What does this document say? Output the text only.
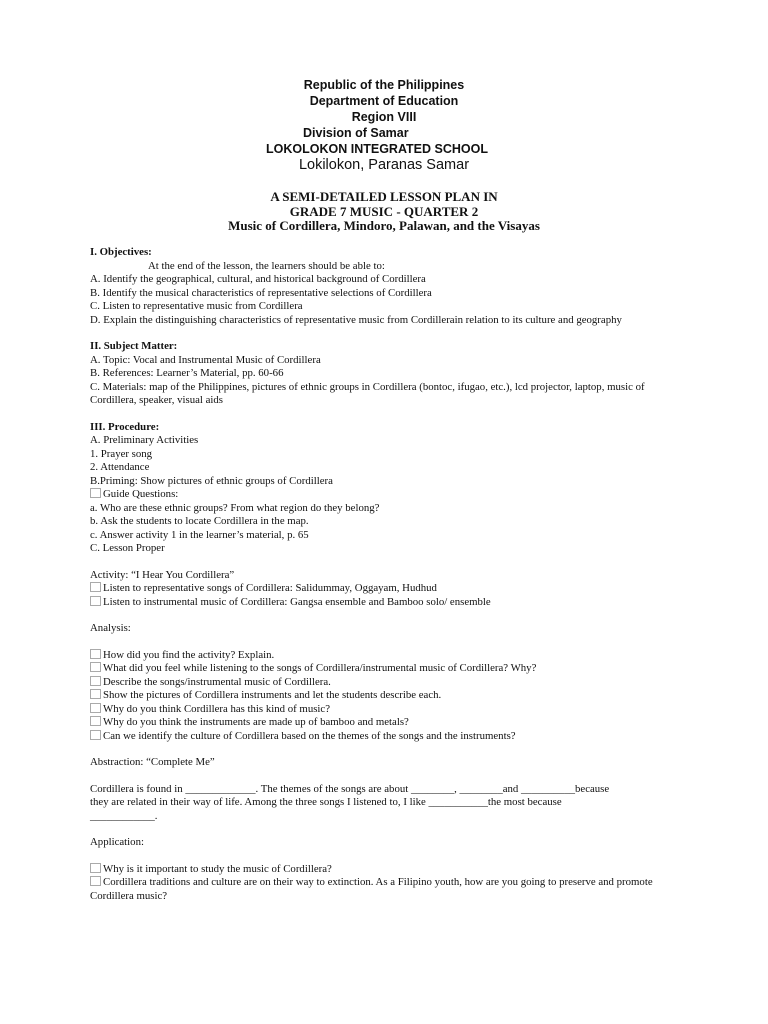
Republic of the Philippines
Department of Education
Region VIII
Division of Samar
LOKOLOKON INTEGRATED SCHOOL
Lokilokon, Paranas Samar
A SEMI-DETAILED LESSON PLAN IN
GRADE 7 MUSIC - QUARTER 2
Music of Cordillera, Mindoro, Palawan, and the Visayas
I. Objectives:
At the end of the lesson, the learners should be able to:
A. Identify the geographical, cultural, and historical background of Cordillera
B. Identify the musical characteristics of representative selections of Cordillera
C. Listen to representative music from Cordillera
D. Explain the distinguishing characteristics of representative music from Cordillerain relation to its culture and geography
II. Subject Matter:
A. Topic: Vocal and Instrumental Music of Cordillera
B. References: Learner’s Material, pp. 60-66
C. Materials: map of the Philippines, pictures of ethnic groups in Cordillera (bontoc, ifugao, etc.), lcd projector, laptop, music of Cordillera, speaker, visual aids
III. Procedure:
A. Preliminary Activities
1. Prayer song
2. Attendance
B.Priming: Show pictures of ethnic groups of Cordillera
Guide Questions:
a. Who are these ethnic groups? From what region do they belong?
b. Ask the students to locate Cordillera in the map.
c. Answer activity 1 in the learner’s material, p. 65
C. Lesson Proper
Activity: “I Hear You Cordillera”
Listen to representative songs of Cordillera: Salidummay, Oggayam, Hudhud
Listen to instrumental music of Cordillera: Gangsa ensemble and Bamboo solo/ ensemble
Analysis:
How did you find the activity? Explain.
What did you feel while listening to the songs of Cordillera/instrumental music of Cordillera? Why?
Describe the songs/instrumental music of Cordillera.
Show the pictures of Cordillera instruments and let the students describe each.
Why do you think Cordillera has this kind of music?
Why do you think the instruments are made up of bamboo and metals?
Can we identify the culture of Cordillera based on the themes of the songs and the instruments?
Abstraction: “Complete Me”
Cordillera is found in _____________. The themes of the songs are about ________, ________and __________because
they are related in their way of life. Among the three songs I listened to, I like ___________the most because
____________.
Application:
Why is it important to study the music of Cordillera?
Cordillera traditions and culture are on their way to extinction. As a Filipino youth, how are you going to preserve and promote Cordillera music?
